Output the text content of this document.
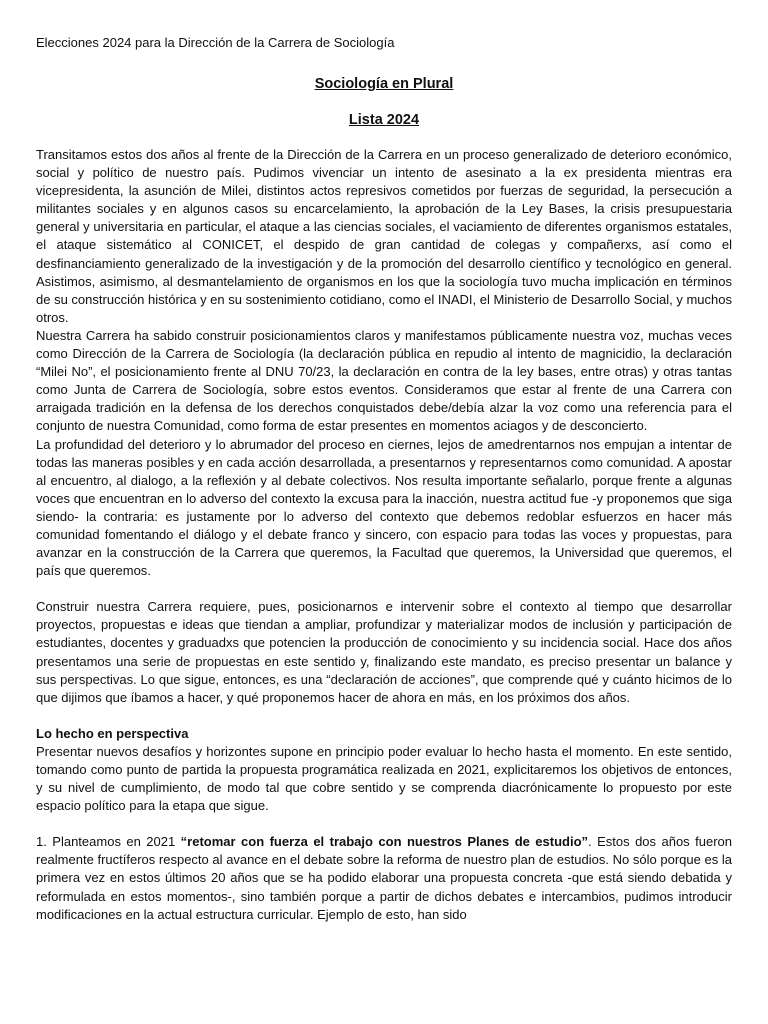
Elecciones 2024 para la Dirección de la Carrera de Sociología

Sociología en Plural

Lista 2024

Transitamos estos dos años al frente de la Dirección de la Carrera en un proceso generalizado de deterioro económico, social y político de nuestro país. Pudimos vivenciar un intento de asesinato a la ex presidenta mientras era vicepresidenta, la asunción de Milei, distintos actos represivos cometidos por fuerzas de seguridad, la persecución a militantes sociales y en algunos casos su encarcelamiento, la aprobación de la Ley Bases, la crisis presupuestaria general y universitaria en particular, el ataque a las ciencias sociales, el vaciamiento de diferentes organismos estatales, el ataque sistemático al CONICET, el despido de gran cantidad de colegas y compañerxs, así como el desfinanciamiento generalizado de la investigación y de la promoción del desarrollo científico y tecnológico en general. Asistimos, asimismo, al desmantelamiento de organismos en los que la sociología tuvo mucha implicación en términos de su construcción histórica y en su sostenimiento cotidiano, como el INADI, el Ministerio de Desarrollo Social, y muchos otros.

Nuestra Carrera ha sabido construir posicionamientos claros y manifestamos públicamente nuestra voz, muchas veces como Dirección de la Carrera de Sociología (la declaración pública en repudio al intento de magnicidio, la declaración “Milei No”, el posicionamiento frente al DNU 70/23, la declaración en contra de la ley bases, entre otras) y otras tantas como Junta de Carrera de Sociología, sobre estos eventos. Consideramos que estar al frente de una Carrera con arraigada tradición en la defensa de los derechos conquistados debe/debía alzar la voz como una referencia para el conjunto de nuestra Comunidad, como forma de estar presentes en momentos aciagos y de desconcierto.

La profundidad del deterioro y lo abrumador del proceso en ciernes, lejos de amedrentarnos nos empujan a intentar de todas las maneras posibles y en cada acción desarrollada, a presentarnos y representarnos como comunidad. A apostar al encuentro, al dialogo, a la reflexión y al debate colectivos. Nos resulta importante señalarlo, porque frente a algunas voces que encuentran en lo adverso del contexto la excusa para la inacción, nuestra actitud fue -y proponemos que siga siendo- la contraria: es justamente por lo adverso del contexto que debemos redoblar esfuerzos en hacer más comunidad fomentando el diálogo y el debate franco y sincero, con espacio para todas las voces y propuestas, para avanzar en la construcción de la Carrera que queremos, la Facultad que queremos, la Universidad que queremos, el país que queremos.

Construir nuestra Carrera requiere, pues, posicionarnos e intervenir sobre el contexto al tiempo que desarrollar proyectos, propuestas e ideas que tiendan a ampliar, profundizar y materializar modos de inclusión y participación de estudiantes, docentes y graduadxs que potencien la producción de conocimiento y su incidencia social. Hace dos años presentamos una serie de propuestas en este sentido y, finalizando este mandato, es preciso presentar un balance y sus perspectivas. Lo que sigue, entonces, es una “declaración de acciones”, que comprende qué y cuánto hicimos de lo que dijimos que íbamos a hacer, y qué proponemos hacer de ahora en más, en los próximos dos años.

Lo hecho en perspectiva

Presentar nuevos desafíos y horizontes supone en principio poder evaluar lo hecho hasta el momento. En este sentido, tomando como punto de partida la propuesta programática realizada en 2021, explicitaremos los objetivos de entonces, y su nivel de cumplimiento, de modo tal que cobre sentido y se comprenda diacrónicamente lo propuesto por este espacio político para la etapa que sigue.

1. Planteamos en 2021 “retomar con fuerza el trabajo con nuestros Planes de estudio”. Estos dos años fueron realmente fructíferos respecto al avance en el debate sobre la reforma de nuestro plan de estudios. No sólo porque es la primera vez en estos últimos 20 años que se ha podido elaborar una propuesta concreta -que está siendo debatida y reformulada en estos momentos-, sino también porque a partir de dichos debates e intercambios, pudimos introducir modificaciones en la actual estructura curricular. Ejemplo de esto, han sido
